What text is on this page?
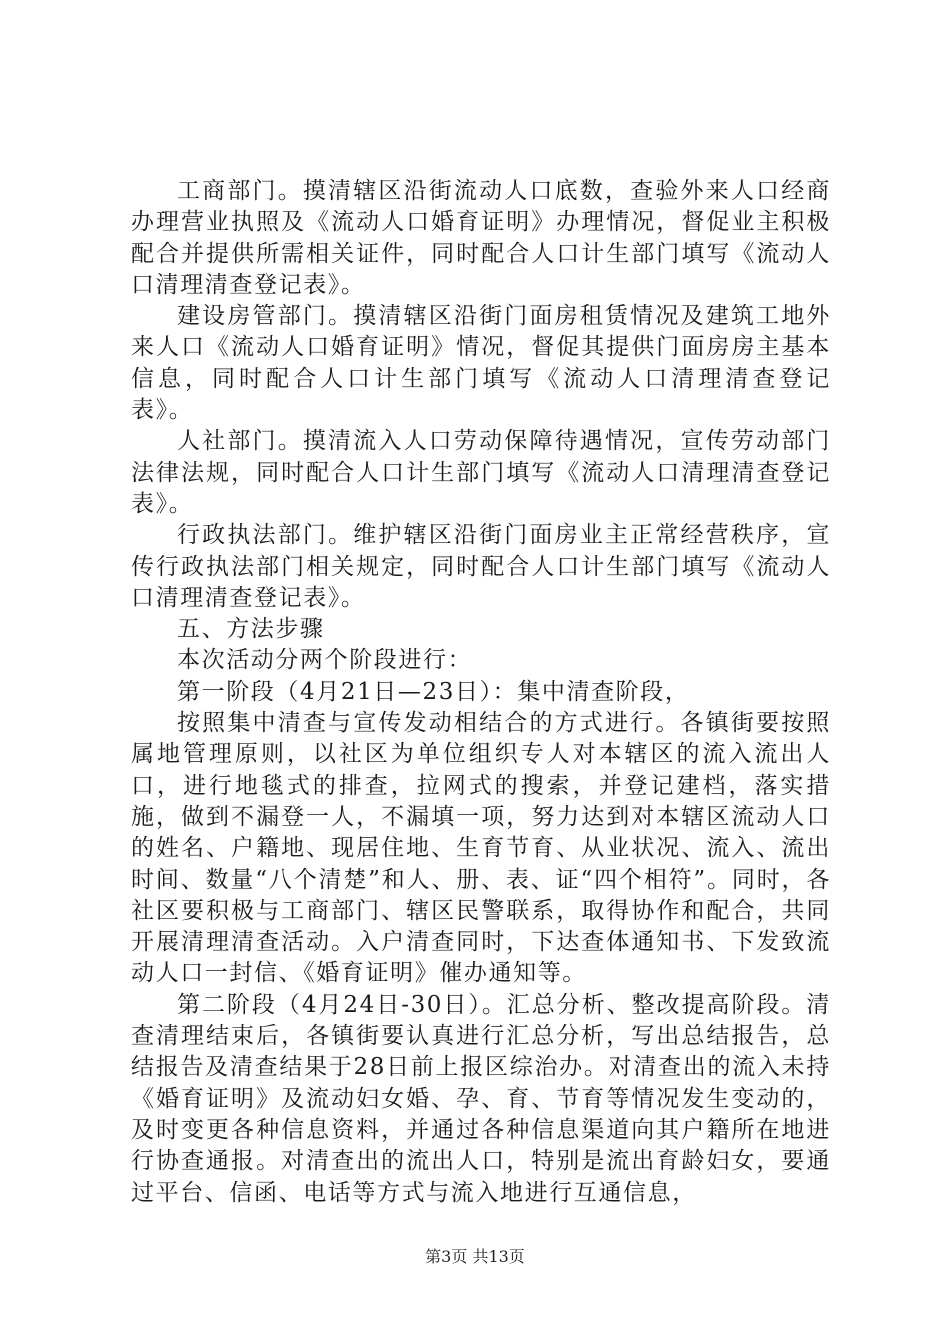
工商部门。摸清辖区沿街流动人口底数，查验外来人口经商办理营业执照及《流动人口婚育证明》办理情况，督促业主积极配合并提供所需相关证件，同时配合人口计生部门填写《流动人口清理清查登记表》。

建设房管部门。摸清辖区沿街门面房租赁情况及建筑工地外来人口《流动人口婚育证明》情况，督促其提供门面房房主基本信息，同时配合人口计生部门填写《流动人口清理清查登记表》。

人社部门。摸清流入人口劳动保障待遇情况，宣传劳动部门法律法规，同时配合人口计生部门填写《流动人口清理清查登记表》。

行政执法部门。维护辖区沿街门面房业主正常经营秩序，宣传行政执法部门相关规定，同时配合人口计生部门填写《流动人口清理清查登记表》。

五、方法步骤

本次活动分两个阶段进行：

第一阶段（4月21日—23日）：集中清查阶段，

按照集中清查与宣传发动相结合的方式进行。各镇街要按照属地管理原则，以社区为单位组织专人对本辖区的流入流出人口，进行地毯式的排查，拉网式的搜索，并登记建档，落实措施，做到不漏登一人，不漏填一项，努力达到对本辖区流动人口的姓名、户籍地、现居住地、生育节育、从业状况、流入、流出时间、数量“八个清楚”和人、册、表、证“四个相符”。同时，各社区要积极与工商部门、辖区民警联系，取得协作和配合，共同开展清理清查活动。入户清查同时，下达查体通知书、下发致流动人口一封信、《婚育证明》催办通知等。

第二阶段（4月24日-30日）。汇总分析、整改提高阶段。清查清理结束后，各镇街要认真进行汇总分析，写出总结报告，总结报告及清查结果于28日前上报区综治办。对清查出的流入未持《婚育证明》及流动妇女婚、孕、育、节育等情况发生变动的，及时变更各种信息资料，并通过各种信息渠道向其户籍所在地进行协查通报。对清查出的流出人口，特别是流出育龄妇女，要通过平台、信函、电话等方式与流入地进行互通信息，

第3页 共13页
